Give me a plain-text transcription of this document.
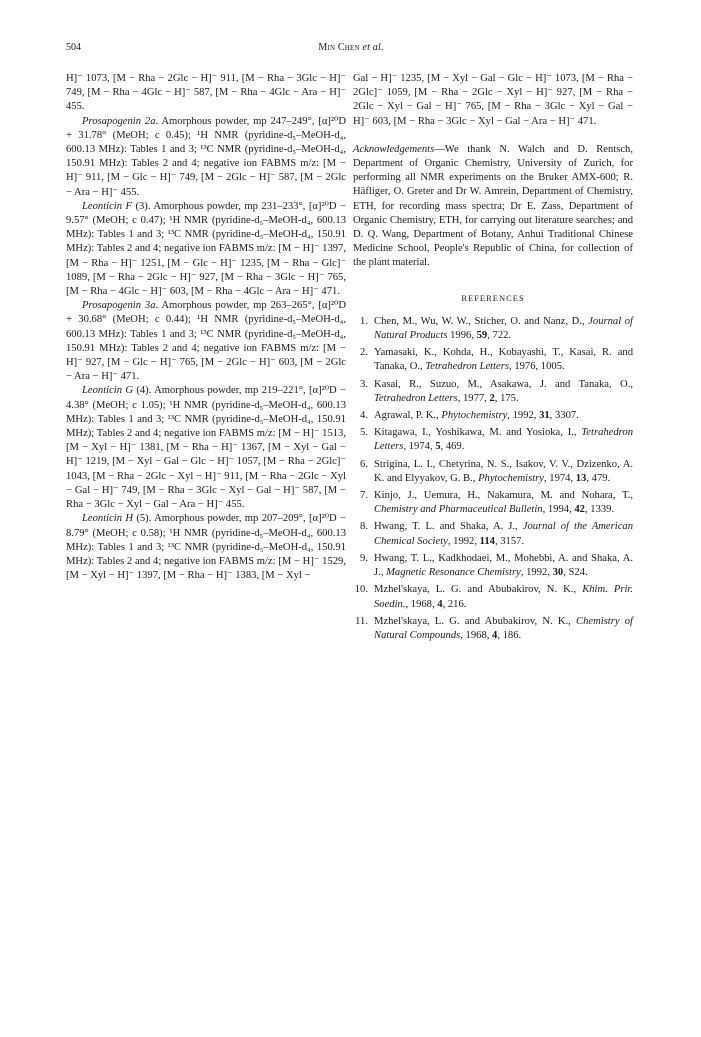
504	Min Chen et al.

H]⁻ 1073, [M − Rha − 2Glc − H]⁻ 911, [M − Rha − 3Glc − H]⁻ 749, [M − Rha − 4Glc − H]⁻ 587, [M − Rha − 4Glc − Ara − H]⁻ 455.

Prosapogenin 2a. Amorphous powder, mp 247–249°, [α]²⁰D + 31.78° (MeOH; c 0.45); ¹H NMR (pyridine-d₅–MeOH-d₄, 600.13 MHz): Tables 1 and 3; ¹³C NMR (pyridine-d₅–MeOH-d₄, 150.91 MHz): Tables 2 and 4; negative ion FABMS m/z: [M − H]⁻ 911, [M − Glc − H]⁻ 749, [M − 2Glc − H]⁻ 587, [M − 2Glc − Ara − H]⁻ 455.

Leonticin F (3). Amorphous powder, mp 231–233°, [α]²⁰D − 9.57° (MeOH; c 0.47); ¹H NMR (pyridine-d₅–MeOH-d₄, 600.13 MHz): Tables 1 and 3; ¹³C NMR (pyridine-d₅–MeOH-d₄, 150.91 MHz): Tables 2 and 4; negative ion FABMS m/z: [M − H]⁻ 1397, [M − Rha − H]⁻ 1251, [M − Glc − H]⁻ 1235, [M − Rha − Glc]⁻ 1089, [M − Rha − 2Glc − H]⁻ 927, [M − Rha − 3Glc − H]⁻ 765, [M − Rha − 4Glc − H]⁻ 603, [M − Rha − 4Glc − Ara − H]⁻ 471.

Prosapogenin 3a. Amorphous powder, mp 263–265°, [α]²⁰D + 30.68° (MeOH; c 0.44); ¹H NMR (pyridine-d₅–MeOH-d₄, 600.13 MHz): Tables 1 and 3; ¹³C NMR (pyridine-d₅–MeOH-d₄, 150.91 MHz): Tables 2 and 4; negative ion FABMS m/z: [M − H]⁻ 927, [M − Glc − H]⁻ 765, [M − 2Glc − H]⁻ 603, [M − 2Glc − Ara − H]⁻ 471.

Leonticin G (4). Amorphous powder, mp 219–221°, [α]²⁰D − 4.38° (MeOH; c 1.05); ¹H NMR (pyridine-d₅–MeOH-d₄, 600.13 MHz): Tables 1 and 3; ¹³C NMR (pyridine-d₅–MeOH-d₄, 150.91 MHz); Tables 2 and 4; negative ion FABMS m/z: [M − H]⁻ 1513, [M − Xyl − H]⁻ 1381, [M − Rha − H]⁻ 1367, [M − Xyl − Gal − H]⁻ 1219, [M − Xyl − Gal − Glc − H]⁻ 1057, [M − Rha − 2Glc]⁻ 1043, [M − Rha − 2Glc − Xyl − H]⁻ 911, [M − Rha − 2Glc − Xyl − Gal − H]⁻ 749, [M − Rha − 3Glc − Xyl − Gal − H]⁻ 587, [M − Rha − 3Glc − Xyl − Gal − Ara − H]⁻ 455.

Leonticin H (5). Amorphous powder, mp 207–209°, [α]²⁰D − 8.79° (MeOH; c 0.58); ¹H NMR (pyridine-d₅–MeOH-d₄, 600.13 MHz): Tables 1 and 3; ¹³C NMR (pyridine-d₅–MeOH-d₄, 150.91 MHz): Tables 2 and 4; negative ion FABMS m/z: [M − H]⁻ 1529, [M − Xyl − H]⁻ 1397, [M − Rha − H]⁻ 1383, [M − Xyl −

Gal − H]⁻ 1235, [M − Xyl − Gal − Glc − H]⁻ 1073, [M − Rha − 2Glc]⁻ 1059, [M − Rha − 2Glc − Xyl − H]⁻ 927, [M − Rha − 2Glc − Xyl − Gal − H]⁻ 765, [M − Rha − 3Glc − Xyl − Gal − H]⁻ 603, [M − Rha − 3Glc − Xyl − Gal − Ara − H]⁻ 471.

Acknowledgements—We thank N. Walch and D. Rentsch, Department of Organic Chemistry, University of Zurich, for performing all NMR experiments on the Bruker AMX-600; R. Häfliger, O. Greter and Dr W. Amrein, Department of Chemistry, ETH, for recording mass spectra; Dr E. Zass, Department of Organic Chemistry, ETH, for carrying out literature searches; and D. Q. Wang, Department of Botany, Anhui Traditional Chinese Medicine School, People's Republic of China, for collection of the plant material.

REFERENCES

1. Chen, M., Wu, W. W., Sticher, O. and Nanz, D., Journal of Natural Products 1996, 59, 722.
2. Yamasaki, K., Kohda, H., Kobayashi, T., Kasai, R. and Tanaka, O., Tetrahedron Letters, 1976, 1005.
3. Kasai, R., Suzuo, M., Asakawa, J. and Tanaka, O., Tetrahedron Letters, 1977, 2, 175.
4. Agrawal, P. K., Phytochemistry, 1992, 31, 3307.
5. Kitagawa, I., Yoshikawa, M. and Yosioka, I., Tetrahedron Letters, 1974, 5, 469.
6. Strigina, L. I., Chetyrina, N. S., Isakov, V. V., Dzizenko, A. K. and Elyyakov, G. B., Phytochemistry, 1974, 13, 479.
7. Kinjo, J., Uemura, H., Nakamura, M. and Nohara, T., Chemistry and Pharmaceutical Bulletin, 1994, 42, 1339.
8. Hwang, T. L. and Shaka, A. J., Journal of the American Chemical Society, 1992, 114, 3157.
9. Hwang, T. L., Kadkhodaei, M., Mohebbi, A. and Shaka, A. J., Magnetic Resonance Chemistry, 1992, 30, S24.
10. Mzhel'skaya, L. G. and Abubakirov, N. K., Khim. Prir. Soedin., 1968, 4, 216.
11. Mzhel'skaya, L. G. and Abubakirov, N. K., Chemistry of Natural Compounds, 1968, 4, 186.
